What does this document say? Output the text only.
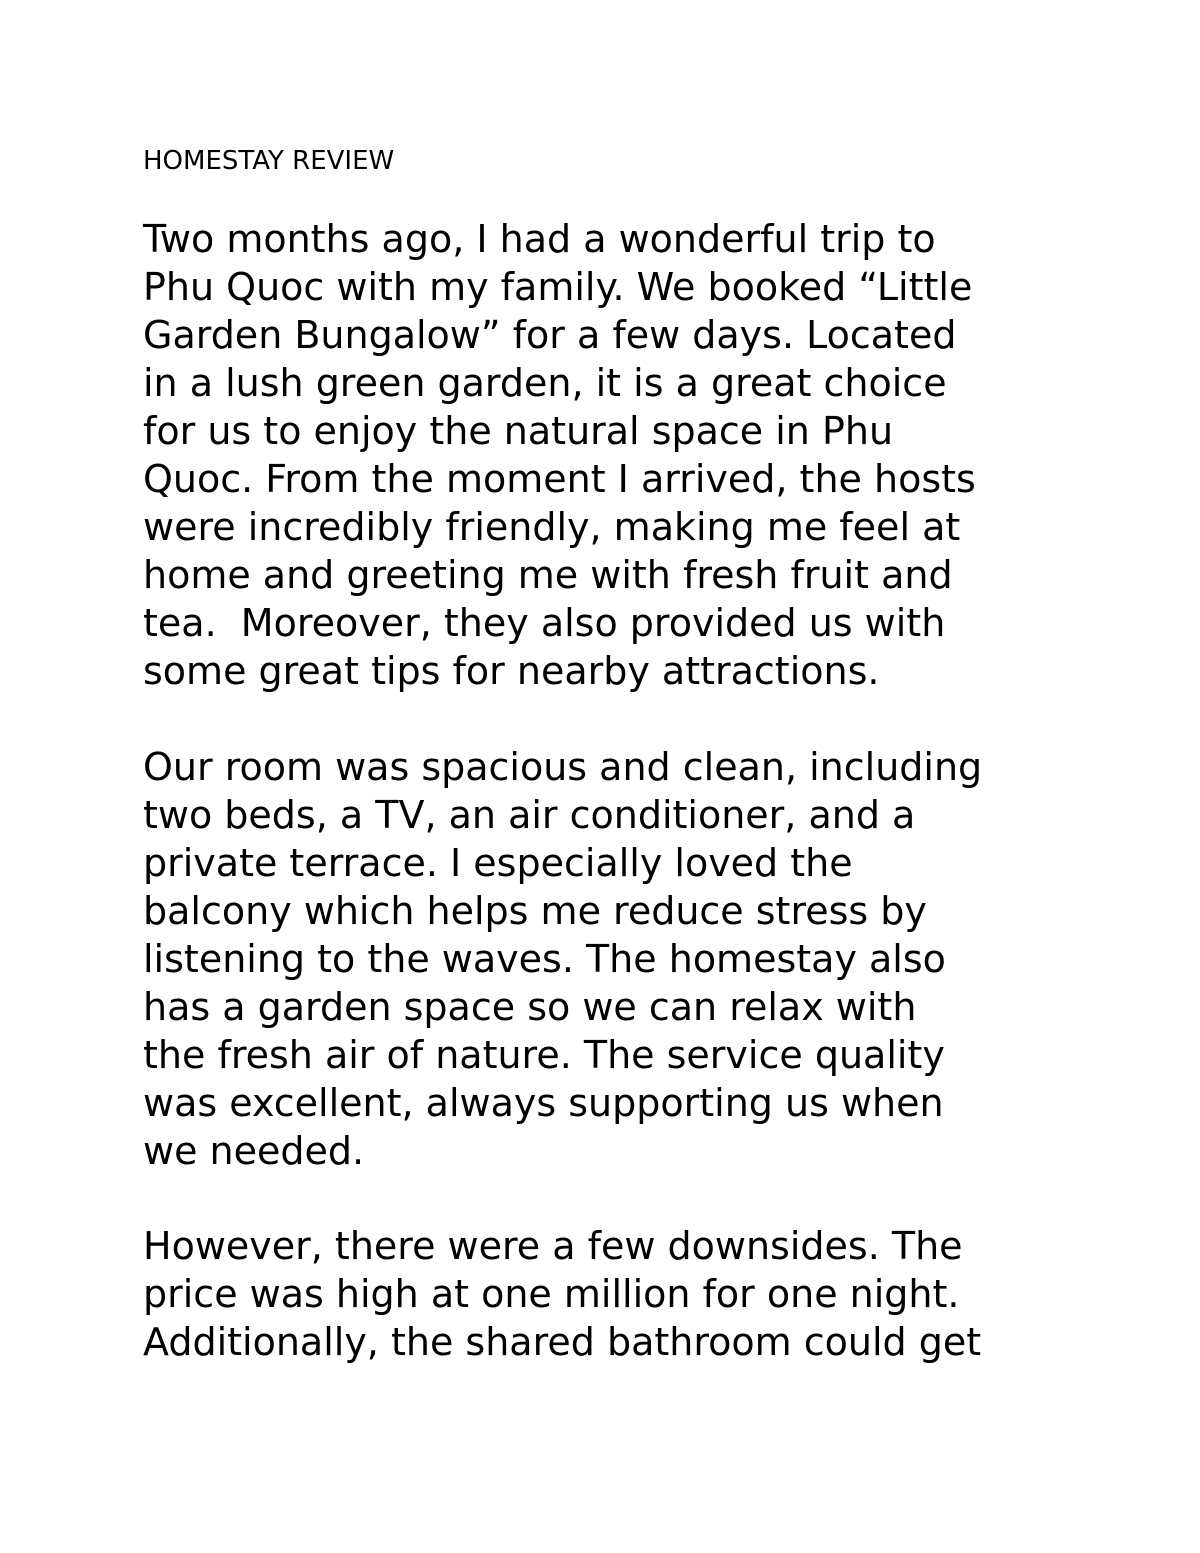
HOMESTAY REVIEW

Two months ago, I had a wonderful trip to
Phu Quoc with my family. We booked “Little
Garden Bungalow” for a few days. Located
in a lush green garden, it is a great choice
for us to enjoy the natural space in Phu
Quoc. From the moment I arrived, the hosts
were incredibly friendly, making me feel at
home and greeting me with fresh fruit and
tea.  Moreover, they also provided us with
some great tips for nearby attractions.

Our room was spacious and clean, including
two beds, a TV, an air conditioner, and a
private terrace. I especially loved the
balcony which helps me reduce stress by
listening to the waves. The homestay also
has a garden space so we can relax with
the fresh air of nature. The service quality
was excellent, always supporting us when
we needed.

However, there were a few downsides. The
price was high at one million for one night.
Additionally, the shared bathroom could get
